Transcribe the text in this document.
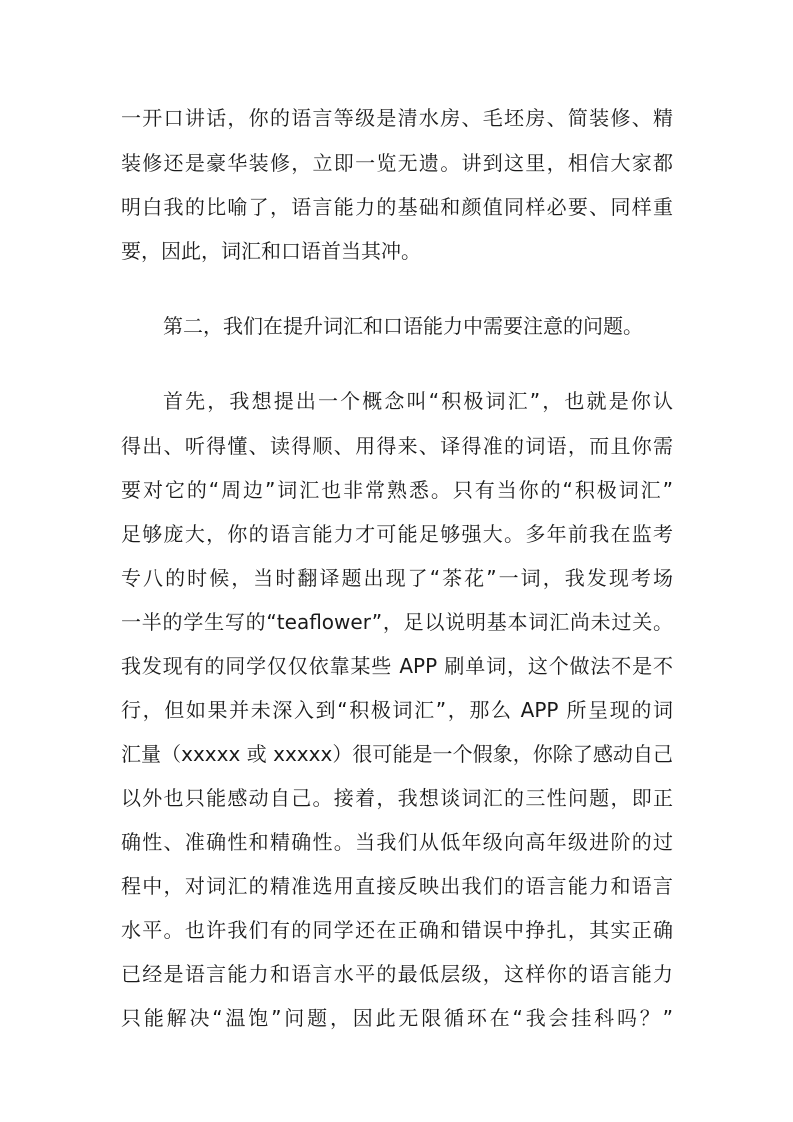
一开口讲话，你的语言等级是清水房、毛坯房、简装修、精
装修还是豪华装修，立即一览无遗。讲到这里，相信大家都
明白我的比喻了，语言能力的基础和颜值同样必要、同样重
要，因此，词汇和口语首当其冲。
第二，我们在提升词汇和口语能力中需要注意的问题。
首先，我想提出一个概念叫“积极词汇”，也就是你认
得出、听得懂、读得顺、用得来、译得准的词语，而且你需
要对它的“周边”词汇也非常熟悉。只有当你的“积极词汇”
足够庞大，你的语言能力才可能足够强大。多年前我在监考
专八的时候，当时翻译题出现了“茶花”一词，我发现考场
一半的学生写的“teaflower”，足以说明基本词汇尚未过关。
我发现有的同学仅仅依靠某些 APP 刷单词，这个做法不是不
行，但如果并未深入到“积极词汇”，那么 APP 所呈现的词
汇量（xxxxx 或 xxxxx）很可能是一个假象，你除了感动自己
以外也只能感动自己。接着，我想谈词汇的三性问题，即正
确性、准确性和精确性。当我们从低年级向高年级进阶的过
程中，对词汇的精准选用直接反映出我们的语言能力和语言
水平。也许我们有的同学还在正确和错误中挣扎，其实正确
已经是语言能力和语言水平的最低层级，这样你的语言能力
只能解决“温饱”问题，因此无限循环在“我会挂科吗？”
